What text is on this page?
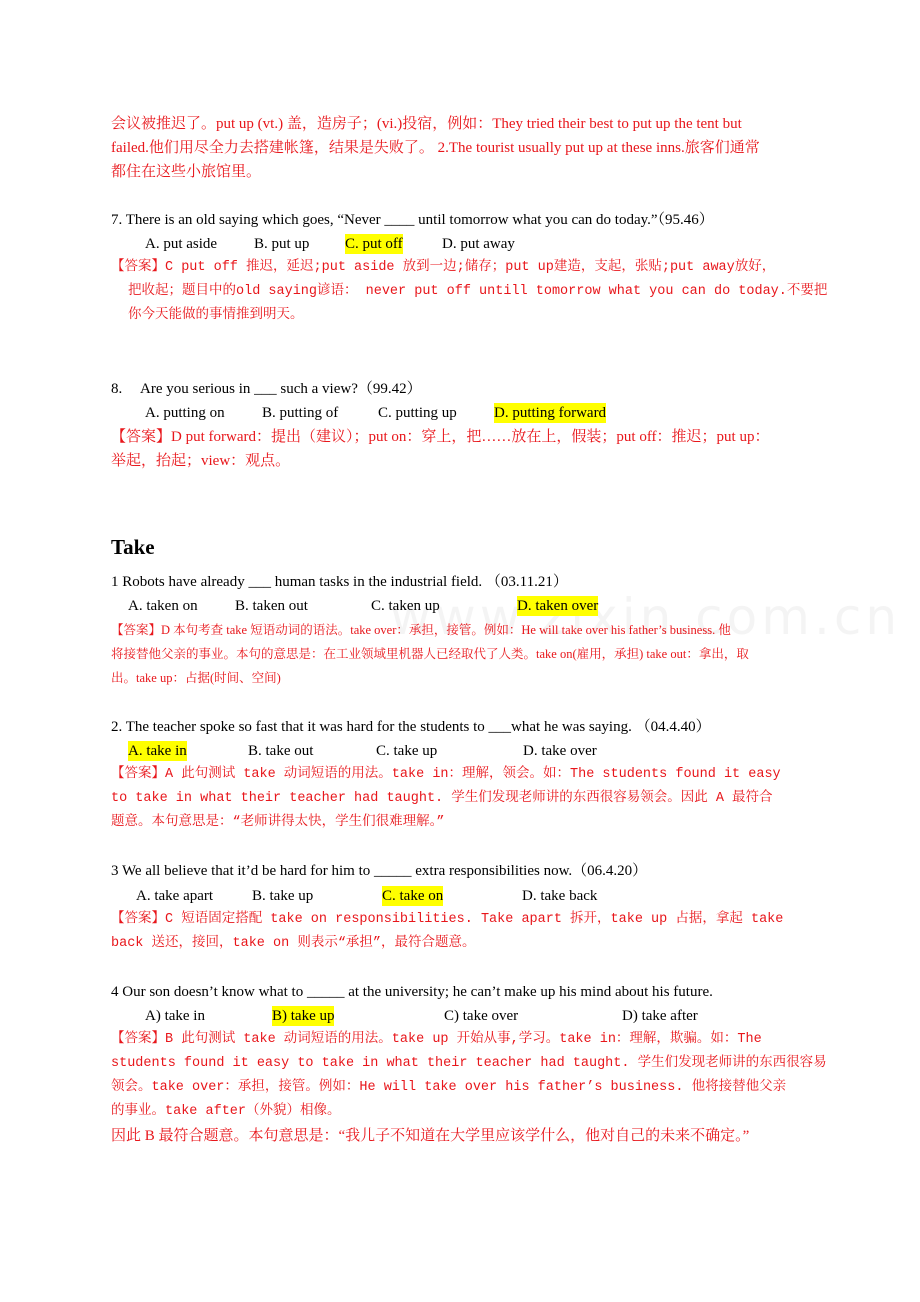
会议被推迟了。put up (vt.) 盖，造房子；(vi.)投宿，例如：They tried their best to put up the tent but
failed.他们用尽全力去搭建帐篷，结果是失败了。 2.The tourist usually put up at these inns.旅客们通常
都住在这些小旅馆里。
7. There is an old saying which goes, “Never ____ until tomorrow what you can do today.”（95.46）
A. put aside B. put up C. put off	D. put away
【答案】C put off 推迟，延迟;put aside 放到一边;储存；put up建造，支起，张贴;put away放好，
把收起；题目中的old saying谚语： never put off untill tomorrow what you can do today.不要把
你今天能做的事情推到明天。
8. Are you serious in ___ such a view?（99.42）
A. putting on B. putting of	C. putting up D. putting forward
【答案】D put forward：提出（建议）；put on：穿上，把……放在上，假装；put off：推迟；put up：
举起，抬起；view：观点。
Take
1 Robots have already ___ human tasks in the industrial field. （03.11.21）
A. taken on B. taken out	C. taken up	D. taken over
【答案】D 本句考查 take 短语动词的语法。take over：承担，接管。例如：He will take over his father’s business. 他
将接替他父亲的事业。本句的意思是：在工业领域里机器人已经取代了人类。take on(雇用，承担) take out：拿出，取
出。take up：占据(时间、空间)
2. The teacher spoke so fast that it was hard for the students to ___what he was saying. （04.4.40）
A. take in	B. take out	C. take up	D. take over
【答案】A 此句测试 take 动词短语的用法。take in：理解，领会。如：The students found it easy
to take in what their teacher had taught. 学生们发现老师讲的东西很容易领会。因此 A 最符合
题意。本句意思是：“老师讲得太快，学生们很难理解。”
3 We all believe that it’d be hard for him to _____ extra responsibilities now.（06.4.20）
A. take apart	B. take up	C. take on	D. take back
【答案】C 短语固定搭配 take on responsibilities. Take apart 拆开，take up 占据，拿起 take
back 送还，接回，take on 则表示“承担”，最符合题意。
4 Our son doesn’t know what to _____ at the university; he can’t make up his mind about his future.
A) take in	B) take up	C) take over	D) take after
【答案】B 此句测试 take 动词短语的用法。take up 开始从事,学习。take in：理解，欺骗。如：The
students found it easy to take in what their teacher had taught. 学生们发现老师讲的东西很容易
领会。take over：承担，接管。例如：He will take over his father’s business. 他将接替他父亲
的事业。take after（外貌）相像。
因此 B 最符合题意。本句意思是：“我儿子不知道在大学里应该学什么，他对自己的未来不确定。”
